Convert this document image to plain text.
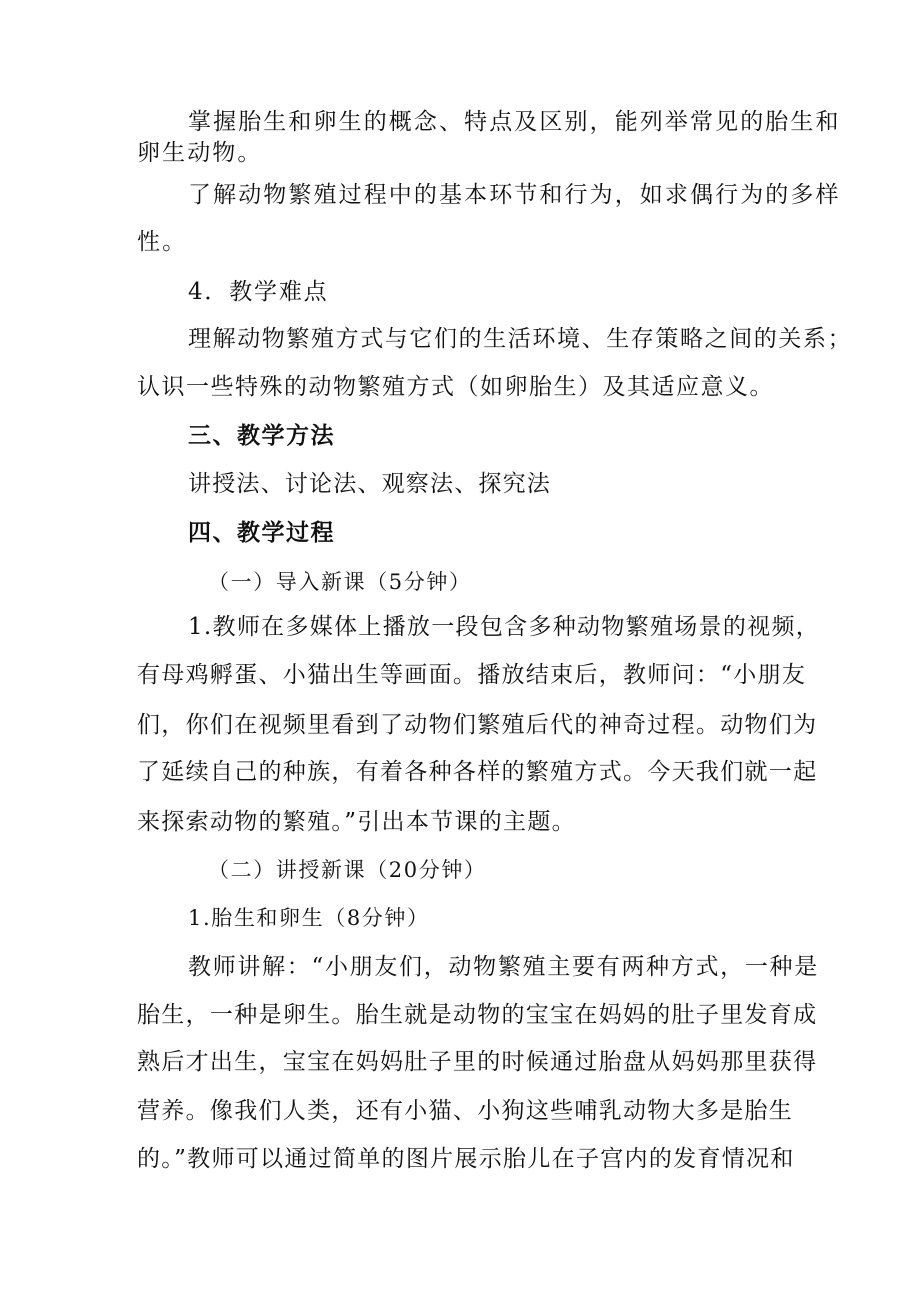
掌握胎生和卵生的概念、特点及区别，能列举常见的胎生和
卵生动物。
了解动物繁殖过程中的基本环节和行为，如求偶行为的多样
性。
4．教学难点
理解动物繁殖方式与它们的生活环境、生存策略之间的关系；
认识一些特殊的动物繁殖方式（如卵胎生）及其适应意义。
三、教学方法
讲授法、讨论法、观察法、探究法
四、教学过程
（一）导入新课（5分钟）
1.教师在多媒体上播放一段包含多种动物繁殖场景的视频，
有母鸡孵蛋、小猫出生等画面。播放结束后，教师问：“小朋友
们，你们在视频里看到了动物们繁殖后代的神奇过程。动物们为
了延续自己的种族，有着各种各样的繁殖方式。今天我们就一起
来探索动物的繁殖。”引出本节课的主题。
（二）讲授新课（20分钟）
1.胎生和卵生（8分钟）
教师讲解：“小朋友们，动物繁殖主要有两种方式，一种是
胎生，一种是卵生。胎生就是动物的宝宝在妈妈的肚子里发育成
熟后才出生，宝宝在妈妈肚子里的时候通过胎盘从妈妈那里获得
营养。像我们人类，还有小猫、小狗这些哺乳动物大多是胎生
的。”教师可以通过简单的图片展示胎儿在子宫内的发育情况和
